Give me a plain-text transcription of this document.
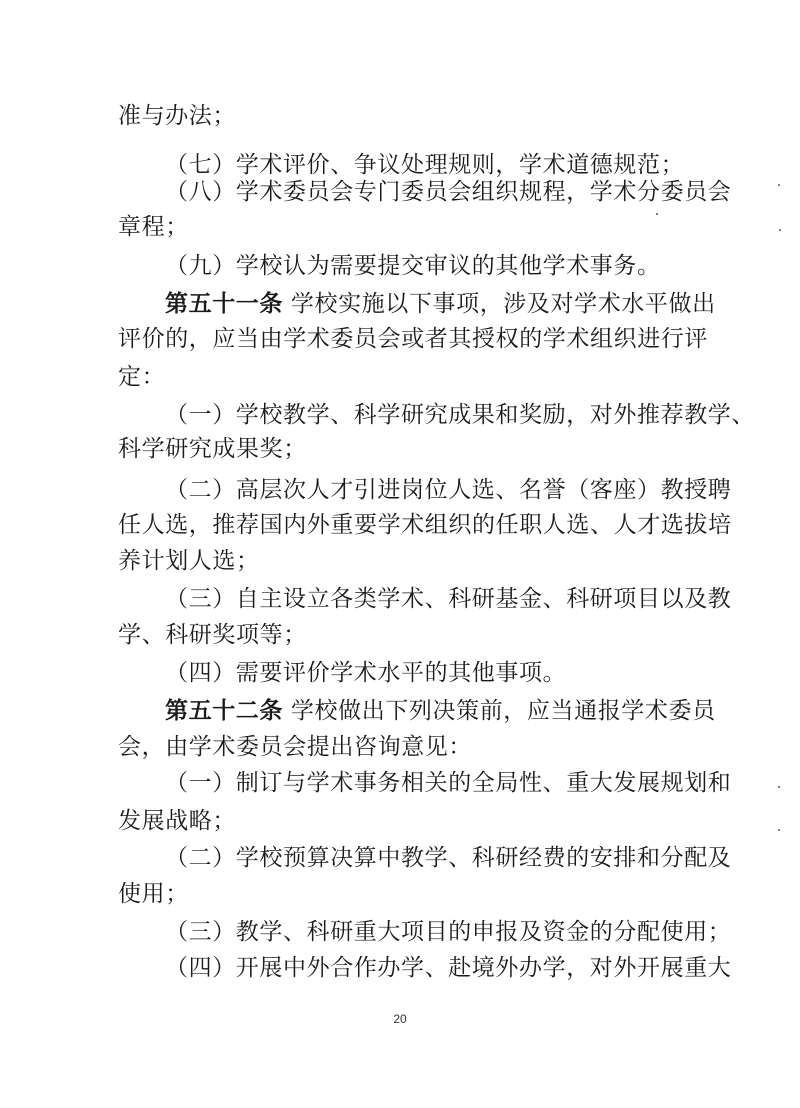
准与办法；
（七）学术评价、争议处理规则，学术道德规范；
（八）学术委员会专门委员会组织规程，学术分委员会
章程；
（九）学校认为需要提交审议的其他学术事务。
第五十一条 学校实施以下事项，涉及对学术水平做出
评价的，应当由学术委员会或者其授权的学术组织进行评
定：
（一）学校教学、科学研究成果和奖励，对外推荐教学、
科学研究成果奖；
（二）高层次人才引进岗位人选、名誉（客座）教授聘
任人选，推荐国内外重要学术组织的任职人选、人才选拔培
养计划人选；
（三）自主设立各类学术、科研基金、科研项目以及教
学、科研奖项等；
（四）需要评价学术水平的其他事项。
第五十二条 学校做出下列决策前，应当通报学术委员
会，由学术委员会提出咨询意见：
（一）制订与学术事务相关的全局性、重大发展规划和
发展战略；
（二）学校预算决算中教学、科研经费的安排和分配及
使用；
（三）教学、科研重大项目的申报及资金的分配使用；
（四）开展中外合作办学、赴境外办学，对外开展重大
20
